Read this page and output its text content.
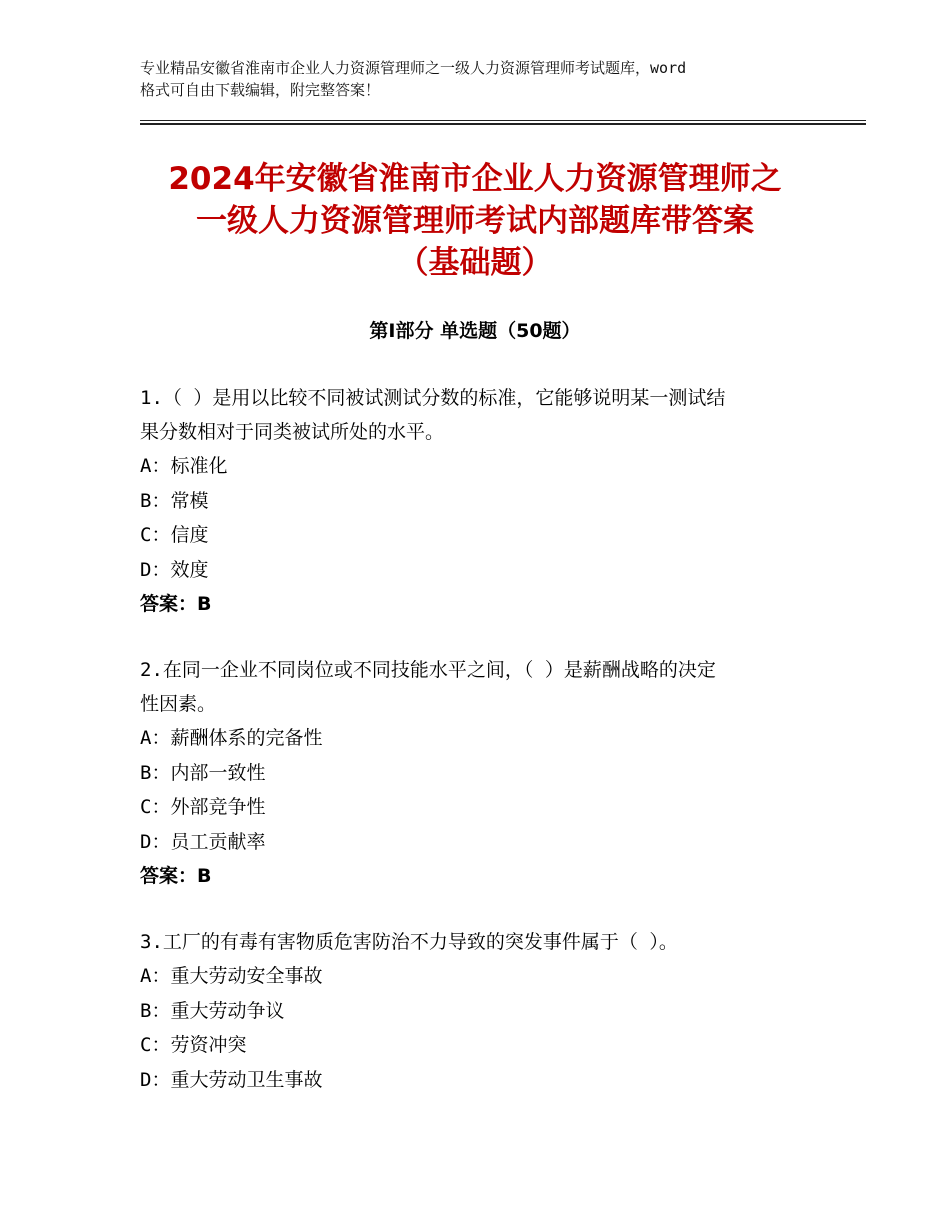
专业精品安徽省淮南市企业人力资源管理师之一级人力资源管理师考试题库，word
格式可自由下载编辑，附完整答案！
2024年安徽省淮南市企业人力资源管理师之
一级人力资源管理师考试内部题库带答案
（基础题）
第Ⅰ部分 单选题（50题）

1.（ ）是用以比较不同被试测试分数的标准，它能够说明某一测试结

果分数相对于同类被试所处的水平。

A：标准化

B：常模

C：信度

D：效度

答案：B

2.在同一企业不同岗位或不同技能水平之间，（ ）是薪酬战略的决定

性因素。

A：薪酬体系的完备性

B：内部一致性

C：外部竞争性

D：员工贡献率

答案：B

3.工厂的有毒有害物质危害防治不力导致的突发事件属于（ ）。

A：重大劳动安全事故

B：重大劳动争议

C：劳资冲突

D：重大劳动卫生事故
